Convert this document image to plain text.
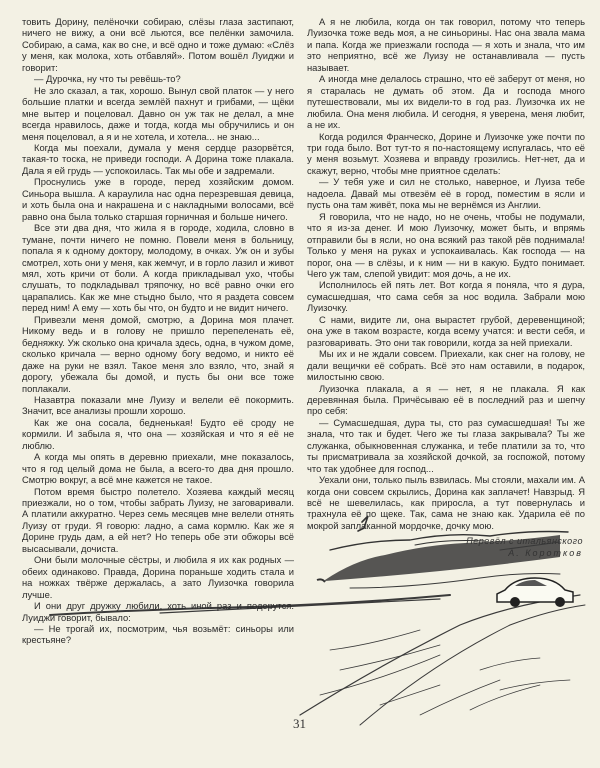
товить Дорину, пелёночки собираю, слёзы глаза застипают, ничего не вижу, а они всё льются, все пелёнки замочила. Собираю, а сама, как во сне, и всё одно и тоже думаю: «Слёз у меня, как молока, хоть отбавляй». Потом вошёл Луиджи и говорит:

— Дурочка, ну что ты ревёшь-то?

Не зло сказал, а так, хорошо. Вынул свой платок — у него большие платки и всегда землёй пахнут и грибами, — щёки мне вытер и поцеловал. Давно он уж так не делал, а мне всегда нравилось, даже и тогда, когда мы обручились и он меня поцеловал, а я и не хотела, и хотела... не знаю...

Когда мы поехали, думала у меня сердце разорвётся, такая-то тоска, не приведи господи. А Дорина тоже плакала. Дала я ей грудь — успокоилась. Так мы обе и задремали.

Проснулись уже в городе, перед хозяйским домом. Синьора вышла. А караулила нас одна перезревшая девица, и хоть была она и накрашена и с накладными волосами, всё равно она была только старшая горничная и больше ничего.

Все эти два дня, что жила я в городе, ходила, словно в тумане, почти ничего не помню. Повели меня в больницу, попала я к одному доктору, молодому, в очках. Уж он и зубы смотрел, хоть они у меня, как жемчуг, и в горло лазил и живот мял, хоть кричи от боли. А когда прикладывал ухо, чтобы слушать, то подкладывал тряпочку, но всё равно очки его царапались. Как же мне стыдно было, что я раздета совсем перед ним! А ему — хоть бы что, он будто и не видит ничего.

Привезли меня домой, смотрю, а Дорина моя плачет. Никому ведь и в голову не пришло перепеленать её, бедняжку. Уж сколько она кричала здесь, одна, в чужом доме, сколько кричала — верно одному богу ведомо, и никто её даже на руки не взял. Такое меня зло взяло, что, знай я дорогу, убежала бы домой, и пусть бы они все тоже поплакали.

Назавтра показали мне Луизу и велели её покормить. Значит, все анализы прошли хорошо.

Как же она сосала, бедненькая! Будто её сроду не кормили. И забыла я, что она — хозяйская и что я её не люблю.

А когда мы опять в деревню приехали, мне показалось, что я год целый дома не была, а всего-то два дня прошло. Смотрю вокруг, а всё мне кажется не такое.

Потом время быстро полетело. Хозяева каждый месяц приезжали, но о том, чтобы забрать Луизу, не заговаривали. А платили аккуратно. Через семь месяцев мне велели отнять Луизу от груди. Я говорю: ладно, а сама кормлю. Как же я Дорине грудь дам, а ей нет? Но теперь обе эти обжоры всё высасывали, дочиста.

Они были молочные сёстры, и любила я их как родных — обеих одинаково. Правда, Дорина пораньше ходить стала и на ножках твёрже держалась, а зато Луизочка говорила лучше.

И они друг дружку любили, хоть иной раз и подерутся. Луиджи говорит, бывало:

— Не трогай их, посмотрим, чья возьмёт: синьоры или крестьяне?

А я не любила, когда он так говорил, потому что теперь Луизочка тоже ведь моя, а не синьорины. Нас она звала мама и папа. Когда же приезжали господа — я хоть и знала, что им это неприятно, всё же Луизу не останавливала — пусть называет.

А иногда мне делалось страшно, что её заберут от меня, но я старалась не думать об этом. Да и господа много путешествовали, мы их видели-то в год раз. Луизочка их не любила. Она меня любила. И сегодня, я уверена, меня любит, а не их.

Когда родился Франческо, Дорине и Луизочке уже почти по три года было. Вот тут-то я по-настоящему испугалась, что её у меня возьмут. Хозяева и вправду грозились. Нет-нет, да и скажут, верно, чтобы мне приятное сделать:

— У тебя уже и сил не столько, наверное, и Луиза тебе надоела. Давай мы отвезём её в город, поместим в ясли и пусть она там живёт, пока мы не вернёмся из Англии.

Я говорила, что не надо, но не очень, чтобы не подумали, что я из-за денег. И мою Луизочку, может быть, и впрямь отправили бы в ясли, но она всякий раз такой рёв поднимала! Только у меня на руках и успокаивалась. Как господа — на порог, она — в слёзы, и к ним — ни в какую. Будто понимает. Чего уж там, слепой увидит: моя дочь, а не их.

Исполнилось ей пять лет. Вот когда я поняла, что я дура, сумасшедшая, что сама себя за нос водила. Забрали мою Луизочку.

С нами, видите ли, она вырастет грубой, деревенщиной; она уже в таком возрасте, когда всему учатся: и вести себя, и разговаривать. Это они так говорили, когда за ней приехали.

Мы их и не ждали совсем. Приехали, как снег на голову, не дали вещички её собрать. Всё это нам оставили, в подарок, милостыню свою.

Луизочка плакала, а я — нет, я не плакала. Я как деревянная была. Причёсываю её в последний раз и шепчу про себя:

— Сумасшедшая, дура ты, сто раз сумасшедшая! Ты же знала, что так и будет. Чего же ты глаза закрывала? Ты же служанка, обыкновенная служанка, и тебе платили за то, что ты присматривала за хозяйской дочкой, за госпожой, потому что так удобнее для господ...

Уехали они, только пыль взвилась. Мы стояли, махали им. А когда они совсем скрылись, Дорина как заплачет! Навзрыд. Я всё не шевелилась, как приросла, а тут повернулась и трахнула её по щеке. Так, сама не знаю как. Ударила её по мокрой заплаканной мордочке, дочку мою.

Перевёл с итальянского
А. Коротков
31
